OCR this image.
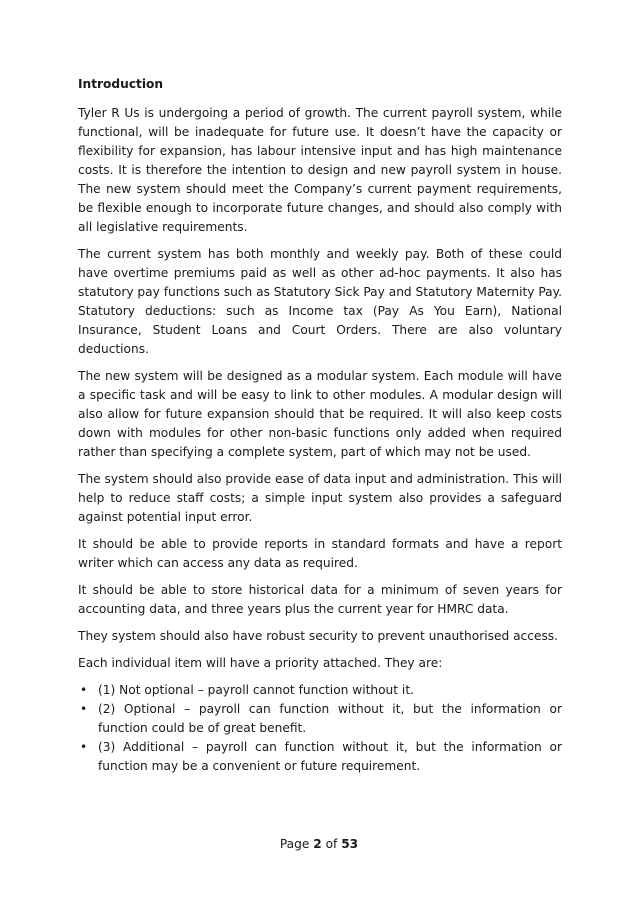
Introduction

Tyler R Us is undergoing a period of growth. The current payroll system, while functional, will be inadequate for future use. It doesn’t have the capacity or flexibility for expansion, has labour intensive input and has high maintenance costs. It is therefore the intention to design and new payroll system in house. The new system should meet the Company’s current payment requirements, be flexible enough to incorporate future changes, and should also comply with all legislative requirements.

The current system has both monthly and weekly pay. Both of these could have overtime premiums paid as well as other ad-hoc payments. It also has statutory pay functions such as Statutory Sick Pay and Statutory Maternity Pay. Statutory deductions: such as Income tax (Pay As You Earn), National Insurance, Student Loans and Court Orders. There are also voluntary deductions.

The new system will be designed as a modular system. Each module will have a specific task and will be easy to link to other modules. A modular design will also allow for future expansion should that be required. It will also keep costs down with modules for other non-basic functions only added when required rather than specifying a complete system, part of which may not be used.

The system should also provide ease of data input and administration. This will help to reduce staff costs; a simple input system also provides a safeguard against potential input error.

It should be able to provide reports in standard formats and have a report writer which can access any data as required.

It should be able to store historical data for a minimum of seven years for accounting data, and three years plus the current year for HMRC data.

They system should also have robust security to prevent unauthorised access.

Each individual item will have a priority attached. They are:

• (1) Not optional – payroll cannot function without it.
• (2) Optional – payroll can function without it, but the information or function could be of great benefit.
• (3) Additional – payroll can function without it, but the information or function may be a convenient or future requirement.
Page 2 of 53
